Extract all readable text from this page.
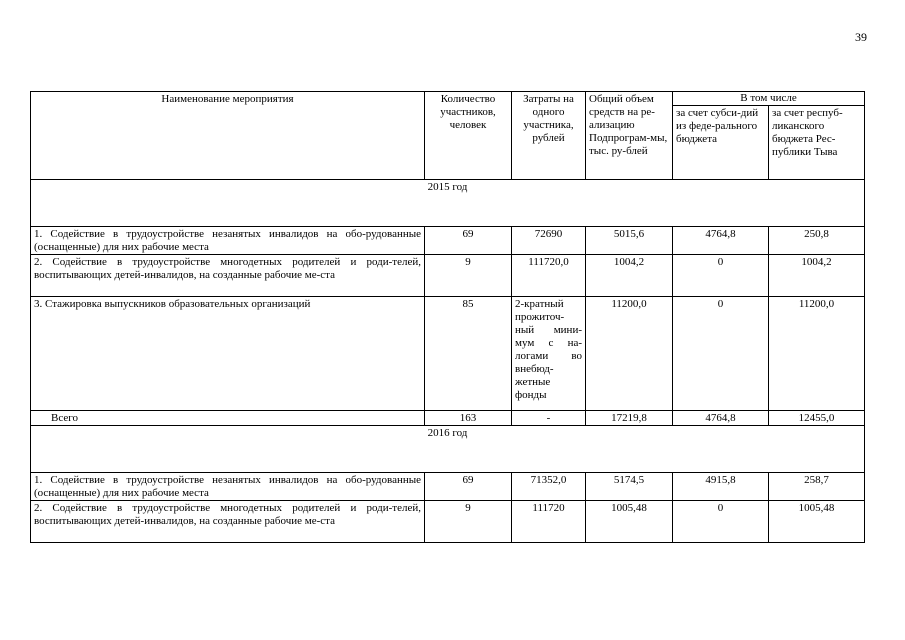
39
Наименование мероприятия	Количество участников, человек	Затраты на одного участника, рублей	Общий объем средств на ре-ализацию Подпрограм-мы, тыс. ру-блей	В том числе	
				за счет субси-дий из феде-рального бюджета	за счет респуб-ликанского бюджета Рес-публики Тыва
2015 год					
1. Содействие в трудоустройстве незанятых инвалидов на обо-рудованные (оснащенные) для них рабочие места	69	72690	5015,6	4764,8	250,8
2. Содействие в трудоустройстве многодетных родителей и роди-телей, воспитывающих детей-инвалидов, на созданные рабочие ме-ста	9	111720,0	1004,2	0	1004,2
3. Стажировка выпускников образовательных организаций	85	2-кратный прожиточ-ный мини-мум с на-логами во внебюд-жетные фонды	11200,0	0	11200,0
Всего	163	-	17219,8	4764,8	12455,0
2016 год					
1. Содействие в трудоустройстве незанятых инвалидов на обо-рудованные (оснащенные) для них рабочие места	69	71352,0	5174,5	4915,8	258,7
2. Содействие в трудоустройстве многодетных родителей и роди-телей, воспитывающих детей-инвалидов, на созданные рабочие ме-ста	9	111720	1005,48	0	1005,48
